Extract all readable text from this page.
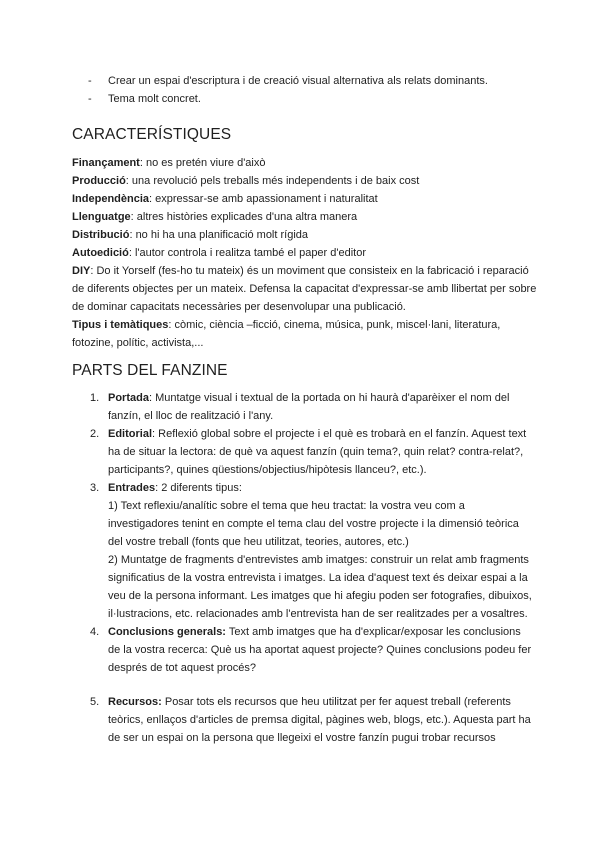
- Crear un espai d'escriptura i de creació visual alternativa als relats dominants.
- Tema molt concret.
CARACTERÍSTIQUES

Finançament: no es pretén viure d'això

Producció: una revolució pels treballs més independents i de baix cost

Independència: expressar-se amb apassionament i naturalitat

Llenguatge: altres històries explicades d'una altra manera

Distribució: no hi ha una planificació molt rígida

Autoedició: l'autor controla i realitza també el paper d'editor

DIY: Do it Yorself (fes-ho tu mateix) és un moviment que consisteix en la fabricació i reparació de diferents objectes per un mateix. Defensa la capacitat d'expressar-se amb llibertat per sobre de dominar capacitats necessàries per desenvolupar una publicació.

Tipus i temàtiques: còmic, ciència –ficció, cinema, música, punk, miscel·lani, literatura, fotozine, polític, activista,...

PARTS DEL FANZINE
1. Portada: Muntatge visual i textual de la portada on hi haurà d'aparèixer el nom del fanzín, el lloc de realització i l'any.
2. Editorial: Reflexió global sobre el projecte i el què es trobarà en el fanzín. Aquest text ha de situar la lectora: de què va aquest fanzín (quin tema?, quin relat? contra-relat?, participants?, quines qüestions/objectius/hipòtesis llanceu?, etc.).
3. Entrades: 2 diferents tipus:
1) Text reflexiu/analític sobre el tema que heu tractat: la vostra veu com a investigadores tenint en compte el tema clau del vostre projecte i la dimensió teòrica del vostre treball (fonts que heu utilitzat, teories, autores, etc.)
2) Muntatge de fragments d'entrevistes amb imatges: construir un relat amb fragments significatius de la vostra entrevista i imatges. La idea d'aquest text és deixar espai a la veu de la persona informant. Les imatges que hi afegiu poden ser fotografies, dibuixos, il·lustracions, etc. relacionades amb l'entrevista han de ser realitzades per a vosaltres.
4. Conclusions generals: Text amb imatges que ha d'explicar/exposar les conclusions de la vostra recerca: Què us ha aportat aquest projecte? Quines conclusions podeu fer després de tot aquest procés?
5. Recursos: Posar tots els recursos que heu utilitzat per fer aquest treball (referents teòrics, enllaços d'articles de premsa digital, pàgines web, blogs, etc.). Aquesta part ha de ser un espai on la persona que llegeixi el vostre fanzín pugui trobar recursos
